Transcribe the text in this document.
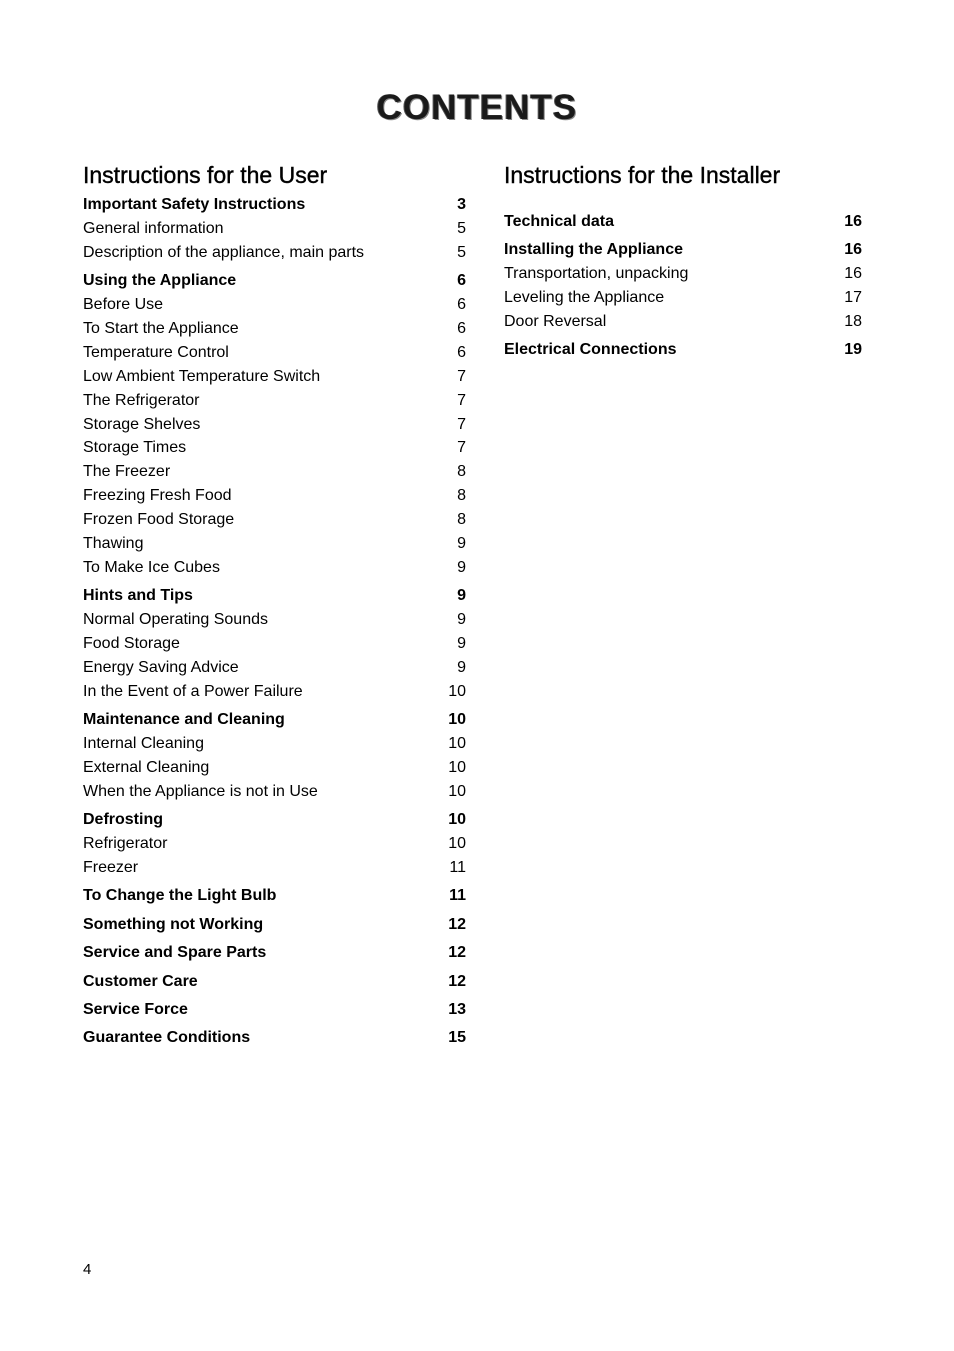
CONTENTS
Instructions for the User
Important Safety Instructions	3
General information	5
Description of the appliance, main parts	5
Using the Appliance	6
Before Use	6
To Start the Appliance	6
Temperature Control	6
Low Ambient Temperature Switch	7
The Refrigerator	7
Storage Shelves	7
Storage Times	7
The Freezer	8
Freezing Fresh Food	8
Frozen Food Storage	8
Thawing	9
To Make Ice Cubes	9
Hints and Tips	9
Normal Operating Sounds	9
Food Storage	9
Energy Saving Advice	9
In the Event of a Power Failure	10
Maintenance and Cleaning	10
Internal Cleaning	10
External Cleaning	10
When the Appliance is not in Use	10
Defrosting	10
Refrigerator	10
Freezer	11
To Change the Light Bulb	11
Something not Working	12
Service and Spare Parts	12
Customer Care	12
Service Force	13
Guarantee Conditions	15
Instructions for the Installer
Technical data	16
Installing the Appliance	16
Transportation, unpacking	16
Leveling the Appliance	17
Door Reversal	18
Electrical Connections	19
4
